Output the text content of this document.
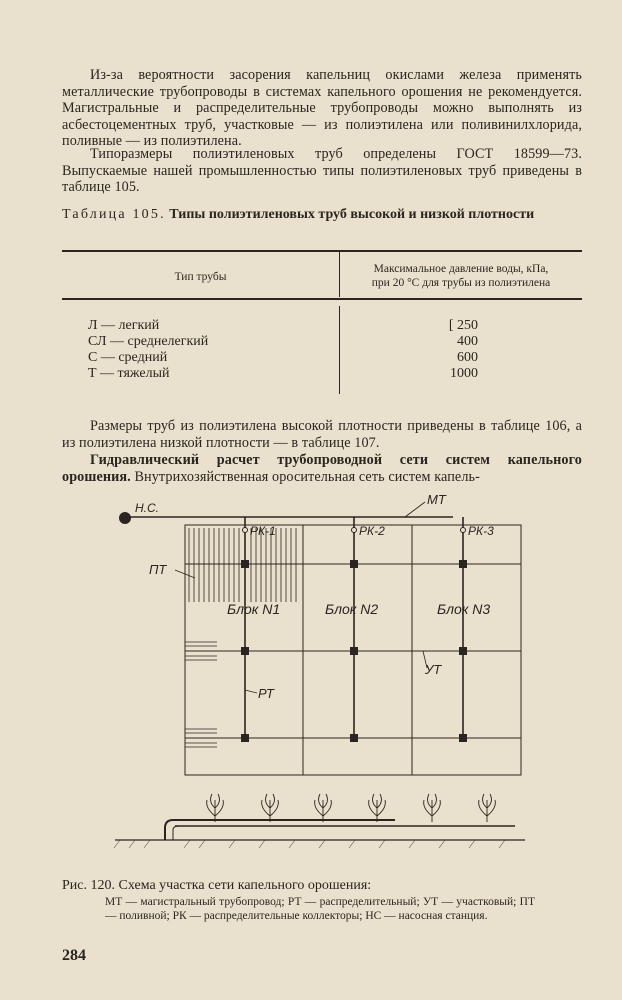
Из-за вероятности засорения капельниц окислами железа применять металлические трубопроводы в системах капельного орошения не рекомендуется. Магистральные и распределительные трубопроводы можно выполнять из асбестоцементных труб, участковые — из полиэтилена или поливинилхлорида, поливные — из полиэтилена.

Типоразмеры полиэтиленовых труб определены ГОСТ 18599—73. Выпускаемые нашей промышленностью типы полиэтиленовых труб приведены в таблице 105.

Таблица 105. Типы полиэтиленовых труб высокой и низкой плотности

Тип трубы
Максимальное давление воды, кПа,
при 20 °С для трубы из полиэтилена
Л — легкий	[ 250
СЛ — среднелегкий	400
С — средний	600
Т — тяжелый	1000

Размеры труб из полиэтилена высокой плотности приведены в таблице 106, а из полиэтилена низкой плотности — в таблице 107.

Гидравлический расчет трубопроводной сети систем капельного орошения. Внутрихозяйственная оросительная сеть систем капель-

Н.С.
МТ
РК-1	РК-2	РК-3
ПТ
Блок N1	Блок N2	Блок N3
УТ
РТ

Рис. 120. Схема участка сети капельного орошения:

МТ — магистральный трубопровод; РТ — распределительный; УТ — участковый; ПТ — поливной; РК — распределительные коллекторы; НС — насосная станция.

284
